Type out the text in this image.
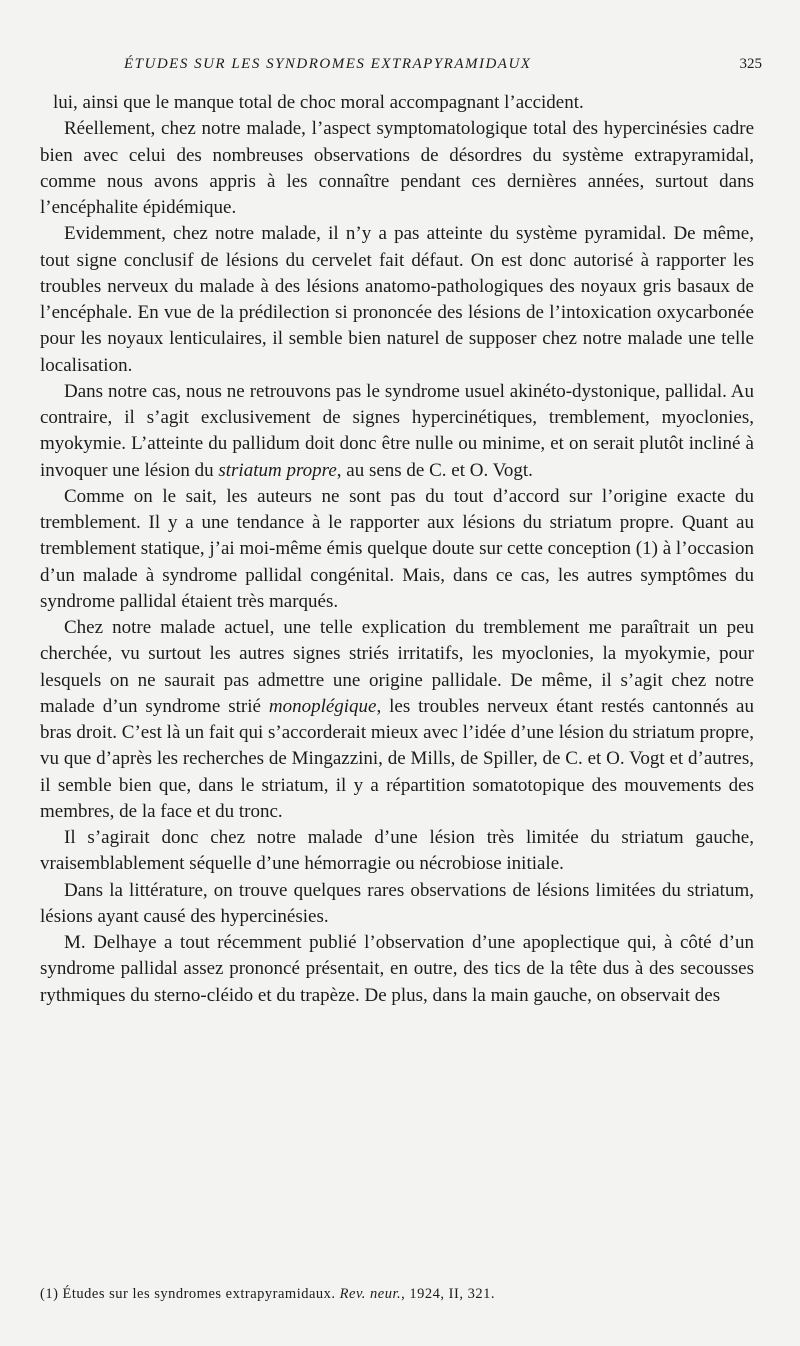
ÉTUDES SUR LES SYNDROMES EXTRAPYRAMIDAUX	325

lui, ainsi que le manque total de choc moral accompagnant l’accident.

Réellement, chez notre malade, l’aspect symptomatologique total des hypercinésies cadre bien avec celui des nombreuses observations de désordres du système extrapyramidal, comme nous avons appris à les connaître pendant ces dernières années, surtout dans l’encéphalite épidémique.

Evidemment, chez notre malade, il n’y a pas atteinte du système pyramidal. De même, tout signe conclusif de lésions du cervelet fait défaut. On est donc autorisé à rapporter les troubles nerveux du malade à des lésions anatomo-pathologiques des noyaux gris basaux de l’encéphale. En vue de la prédilection si prononcée des lésions de l’intoxication oxycarbonée pour les noyaux lenticulaires, il semble bien naturel de supposer chez notre malade une telle localisation.

Dans notre cas, nous ne retrouvons pas le syndrome usuel akinéto-dystonique, pallidal. Au contraire, il s’agit exclusivement de signes hypercinétiques, tremblement, myoclonies, myokymie. L’atteinte du pallidum doit donc être nulle ou minime, et on serait plutôt incliné à invoquer une lésion du striatum propre, au sens de C. et O. Vogt.

Comme on le sait, les auteurs ne sont pas du tout d’accord sur l’origine exacte du tremblement. Il y a une tendance à le rapporter aux lésions du striatum propre. Quant au tremblement statique, j’ai moi-même émis quelque doute sur cette conception (1) à l’occasion d’un malade à syndrome pallidal congénital. Mais, dans ce cas, les autres symptômes du syndrome pallidal étaient très marqués.

Chez notre malade actuel, une telle explication du tremblement me paraîtrait un peu cherchée, vu surtout les autres signes striés irritatifs, les myoclonies, la myokymie, pour lesquels on ne saurait pas admettre une origine pallidale. De même, il s’agit chez notre malade d’un syndrome strié monoplégique, les troubles nerveux étant restés cantonnés au bras droit. C’est là un fait qui s’accorderait mieux avec l’idée d’une lésion du striatum propre, vu que d’après les recherches de Mingazzini, de Mills, de Spiller, de C. et O. Vogt et d’autres, il semble bien que, dans le striatum, il y a répartition somatotopique des mouvements des membres, de la face et du tronc.

Il s’agirait donc chez notre malade d’une lésion très limitée du striatum gauche, vraisemblablement séquelle d’une hémorragie ou nécrobiose initiale.

Dans la littérature, on trouve quelques rares observations de lésions limitées du striatum, lésions ayant causé des hypercinésies.

M. Delhaye a tout récemment publié l’observation d’une apoplectique qui, à côté d’un syndrome pallidal assez prononcé présentait, en outre, des tics de la tête dus à des secousses rythmiques du sterno-cléido et du trapèze. De plus, dans la main gauche, on observait des

(1) Études sur les syndromes extrapyramidaux. Rev. neur., 1924, II, 321.
